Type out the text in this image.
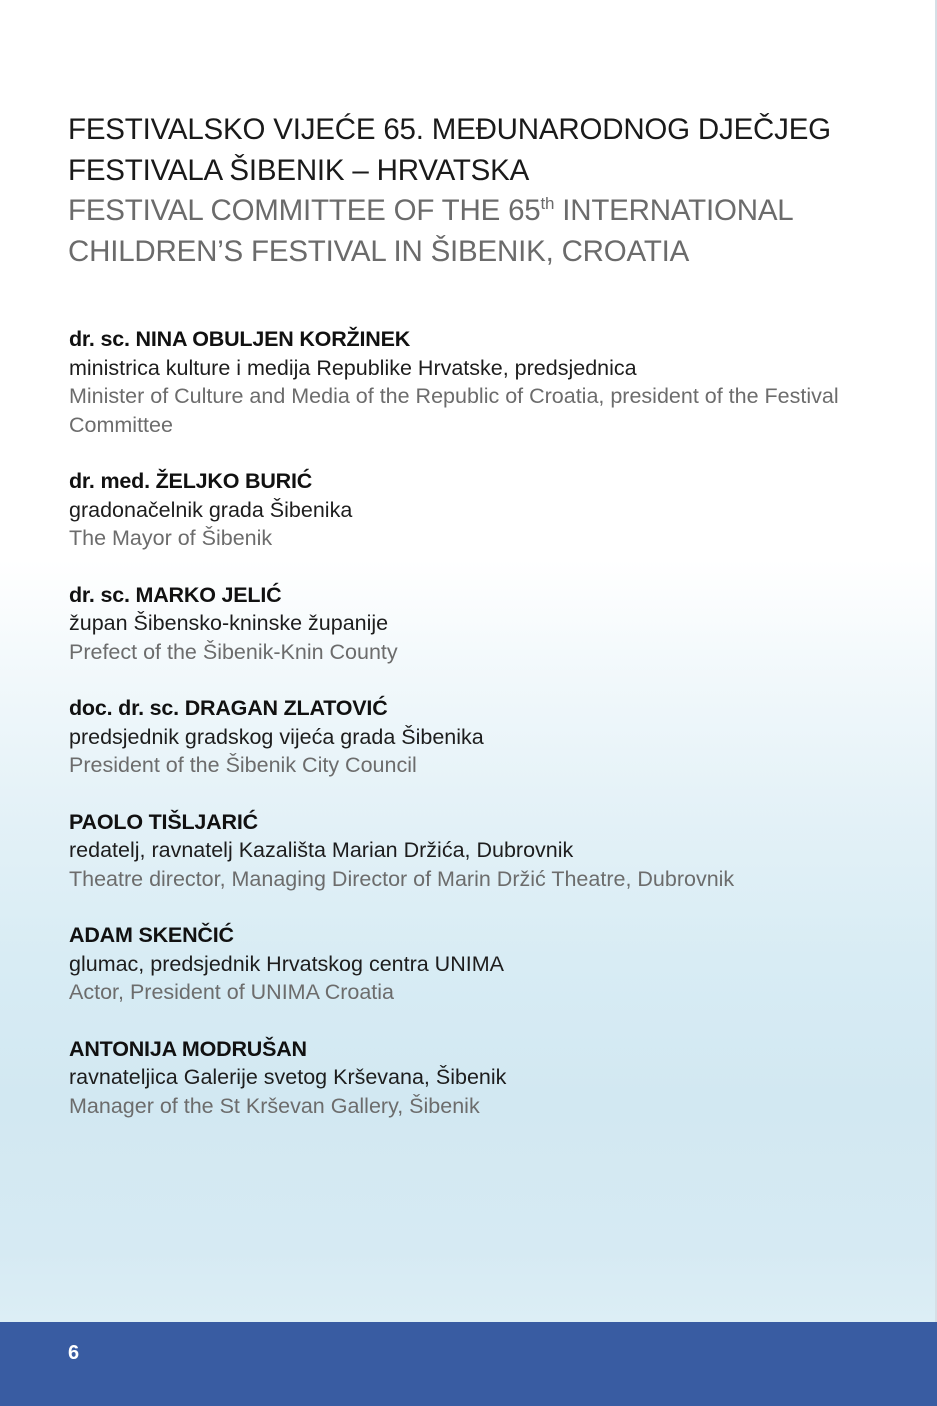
FESTIVALSKO VIJEĆE 65. MEĐUNARODNOG DJEČJEG
FESTIVALA ŠIBENIK – HRVATSKA
FESTIVAL COMMITTEE OF THE 65th INTERNATIONAL
CHILDREN’S FESTIVAL IN ŠIBENIK, CROATIA
dr. sc. NINA OBULJEN KORŽINEK
ministrica kulture i medija Republike Hrvatske, predsjednica
Minister of Culture and Media of the Republic of Croatia, president of the Festival Committee
dr. med. ŽELJKO BURIĆ
gradonačelnik grada Šibenika
The Mayor of Šibenik
dr. sc. MARKO JELIĆ
župan Šibensko-kninske županije
Prefect of the Šibenik-Knin County
doc. dr. sc. DRAGAN ZLATOVIĆ
predsjednik gradskog vijeća grada Šibenika
President of the Šibenik City Council
PAOLO TIŠLJARIĆ
redatelj, ravnatelj Kazališta Marian Držića, Dubrovnik
Theatre director, Managing Director of Marin Držić Theatre, Dubrovnik
ADAM SKENČIĆ
glumac, predsjednik Hrvatskog centra UNIMA
Actor, President of UNIMA Croatia
ANTONIJA MODRUŠAN
ravnateljica Galerije svetog Krševana, Šibenik
Manager of the St Krševan Gallery, Šibenik
6
